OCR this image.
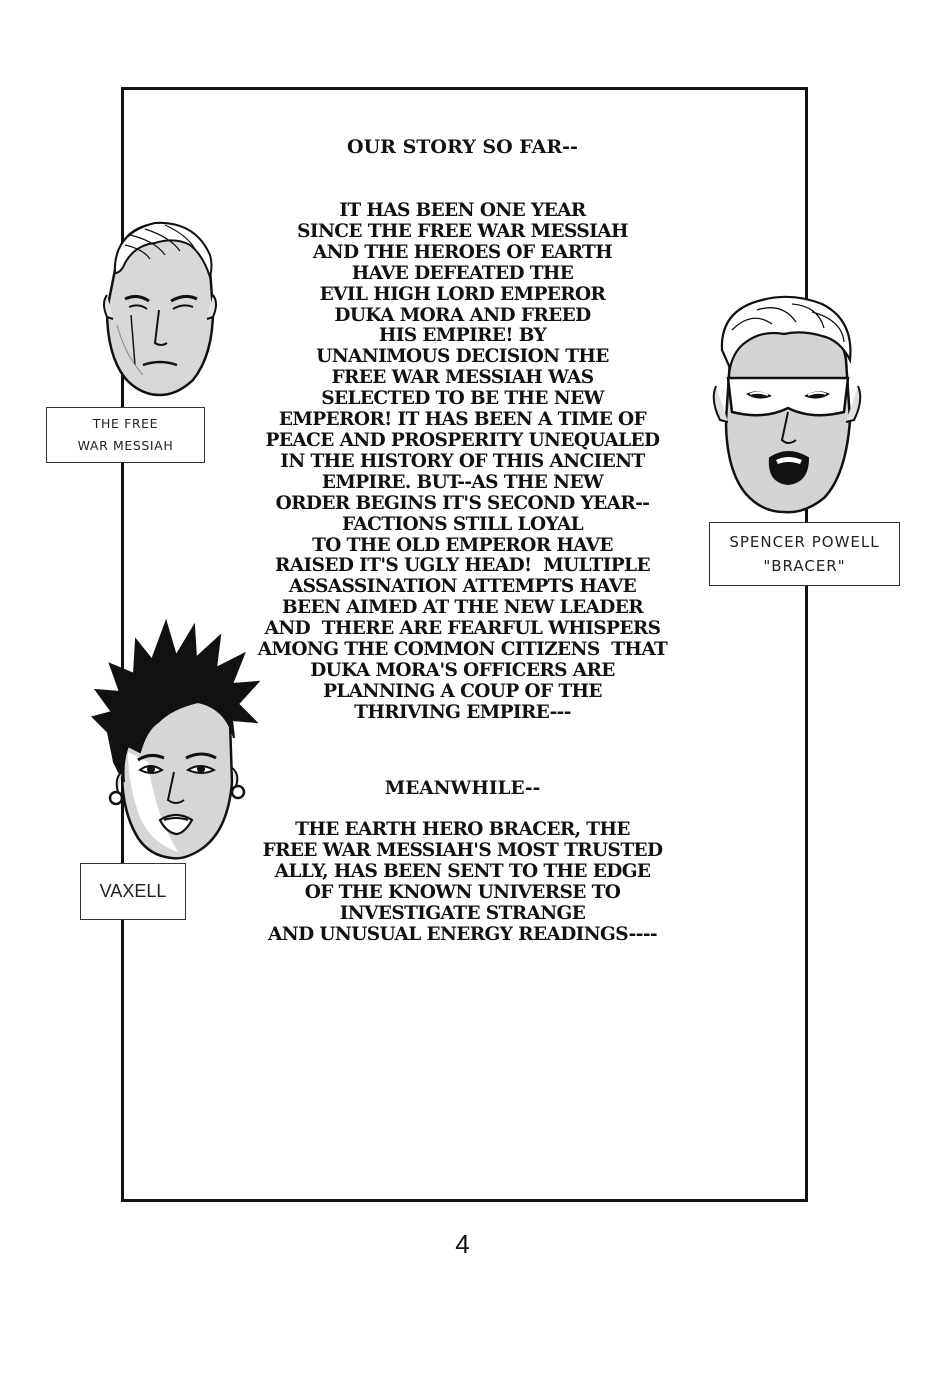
OUR STORY SO FAR--
IT HAS BEEN ONE YEAR
SINCE THE FREE WAR MESSIAH
AND THE HEROES OF EARTH
HAVE DEFEATED THE
EVIL HIGH LORD EMPEROR
DUKA MORA AND FREED
HIS EMPIRE! BY
UNANIMOUS DECISION THE
FREE WAR MESSIAH WAS
SELECTED TO BE THE NEW
EMPEROR! IT HAS BEEN A TIME OF
PEACE AND PROSPERITY UNEQUALED
IN THE HISTORY OF THIS ANCIENT
EMPIRE. BUT--AS THE NEW
ORDER BEGINS IT'S SECOND YEAR--
FACTIONS STILL LOYAL
TO THE OLD EMPEROR HAVE
RAISED IT'S UGLY HEAD!  MULTIPLE
ASSASSINATION ATTEMPTS HAVE
BEEN AIMED AT THE NEW LEADER
AND  THERE ARE FEARFUL WHISPERS
AMONG THE COMMON CITIZENS  THAT
DUKA MORA'S OFFICERS ARE
PLANNING A COUP OF THE
THRIVING EMPIRE---
MEANWHILE--
THE EARTH HERO BRACER, THE
FREE WAR MESSIAH'S MOST TRUSTED
ALLY, HAS BEEN SENT TO THE EDGE
OF THE KNOWN UNIVERSE TO
INVESTIGATE STRANGE
AND UNUSUAL ENERGY READINGS----
THE FREE
WAR MESSIAH
SPENCER POWELL
"BRACER"
VAXELL
4
